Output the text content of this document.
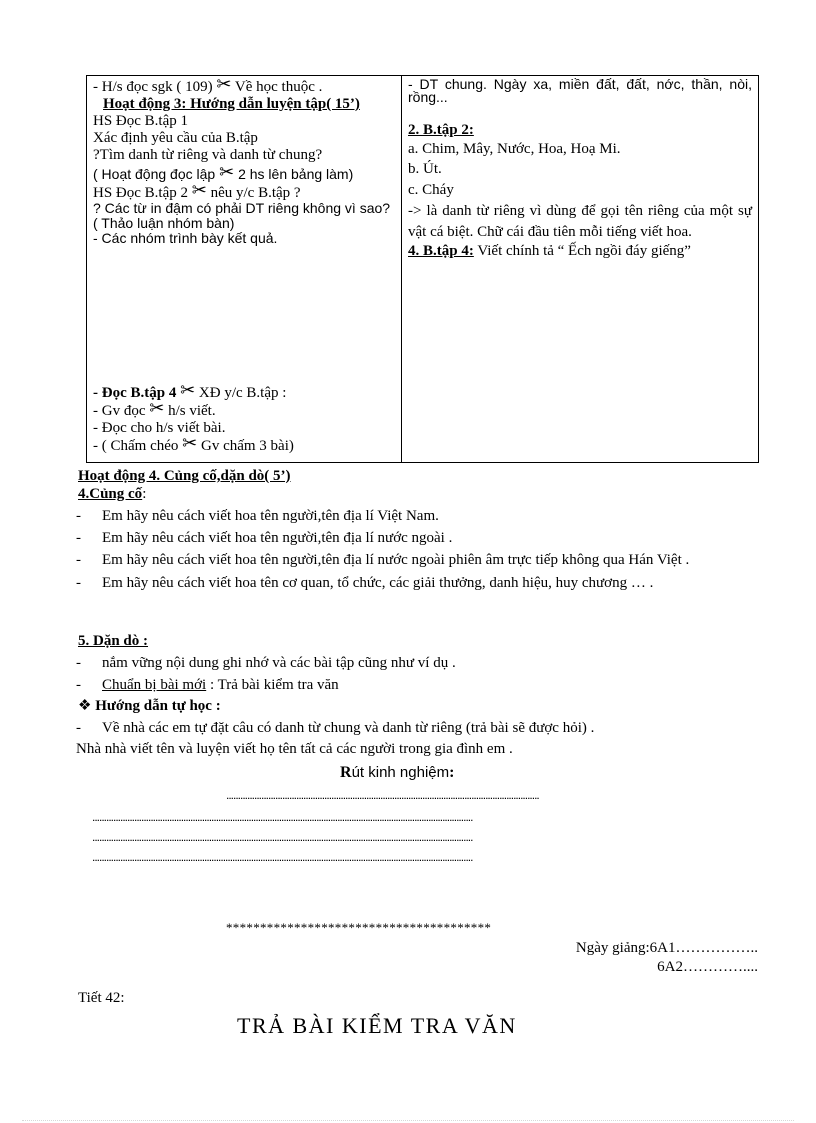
- H/s đọc sgk ( 109) ✂ Về học thuộc .
Hoạt động 3: Hướng dẫn luyện tập( 15’)
HS Đọc B.tập 1
Xác định yêu cầu của B.tập
?Tìm danh từ riêng và danh từ chung?
( Hoạt động đọc lập ✂ 2 hs lên bảng làm)
HS Đọc B.tập 2 ✂ nêu y/c B.tập ?
? Các từ in đậm có phải DT riêng không vì sao?
( Thảo luận nhóm bàn)
- Các nhóm trình bày kết quả.
- Đọc B.tập 4 ✂ XĐ y/c B.tập :
- Gv đọc ✂ h/s viết.
- Đọc cho h/s viết bài.
- ( Chấm chéo ✂ Gv chấm 3 bài)

- DT chung. Ngày xa, miền đất, đất, nớc, thần, nòi, rồng...
2. B.tập 2:
a. Chim, Mây, Nước, Hoa, Hoạ Mi.
b. Út.
c. Cháy
-> là danh từ riêng vì dùng để gọi tên riêng của một sự vật cá biệt. Chữ cái đầu tiên mỗi tiếng viết hoa.
4. B.tập 4: Viết chính tả “ Ếch ngồi đáy giếng”
Hoạt động 4. Củng cố,dặn dò( 5’)
4.Củng cố:
-	Em hãy nêu cách viết hoa tên người,tên địa lí Việt Nam.
-	Em hãy nêu cách viết hoa tên người,tên địa lí nước ngoài .
-	Em hãy nêu cách viết hoa tên người,tên địa lí nước ngoài phiên âm trực tiếp không qua Hán Việt .
-	Em hãy nêu cách viết hoa tên cơ quan, tổ chức, các giải thưởng, danh hiệu, huy chương … .
5. Dặn dò :
-	nắm vững nội dung ghi nhớ và các bài tập cũng như ví dụ .
-	Chuẩn bị bài mới : Trả bài kiểm tra văn
❖ Hướng dẫn tự học :
-	Về nhà các em tự đặt câu có danh từ chung và danh từ riêng (trả bài sẽ được hỏi) .
Nhà nhà viết tên và luyện viết họ tên tất cả các người trong gia đình em .
Rút kinh nghiệm:
......................................................................................................................................
...................................................................................................................................................................
...................................................................................................................................................................
...................................................................................................................................................................
***************************************
Ngày giảng:6A1……………..
6A2…………....
Tiết 42:
TRẢ BÀI KIỂM TRA VĂN
